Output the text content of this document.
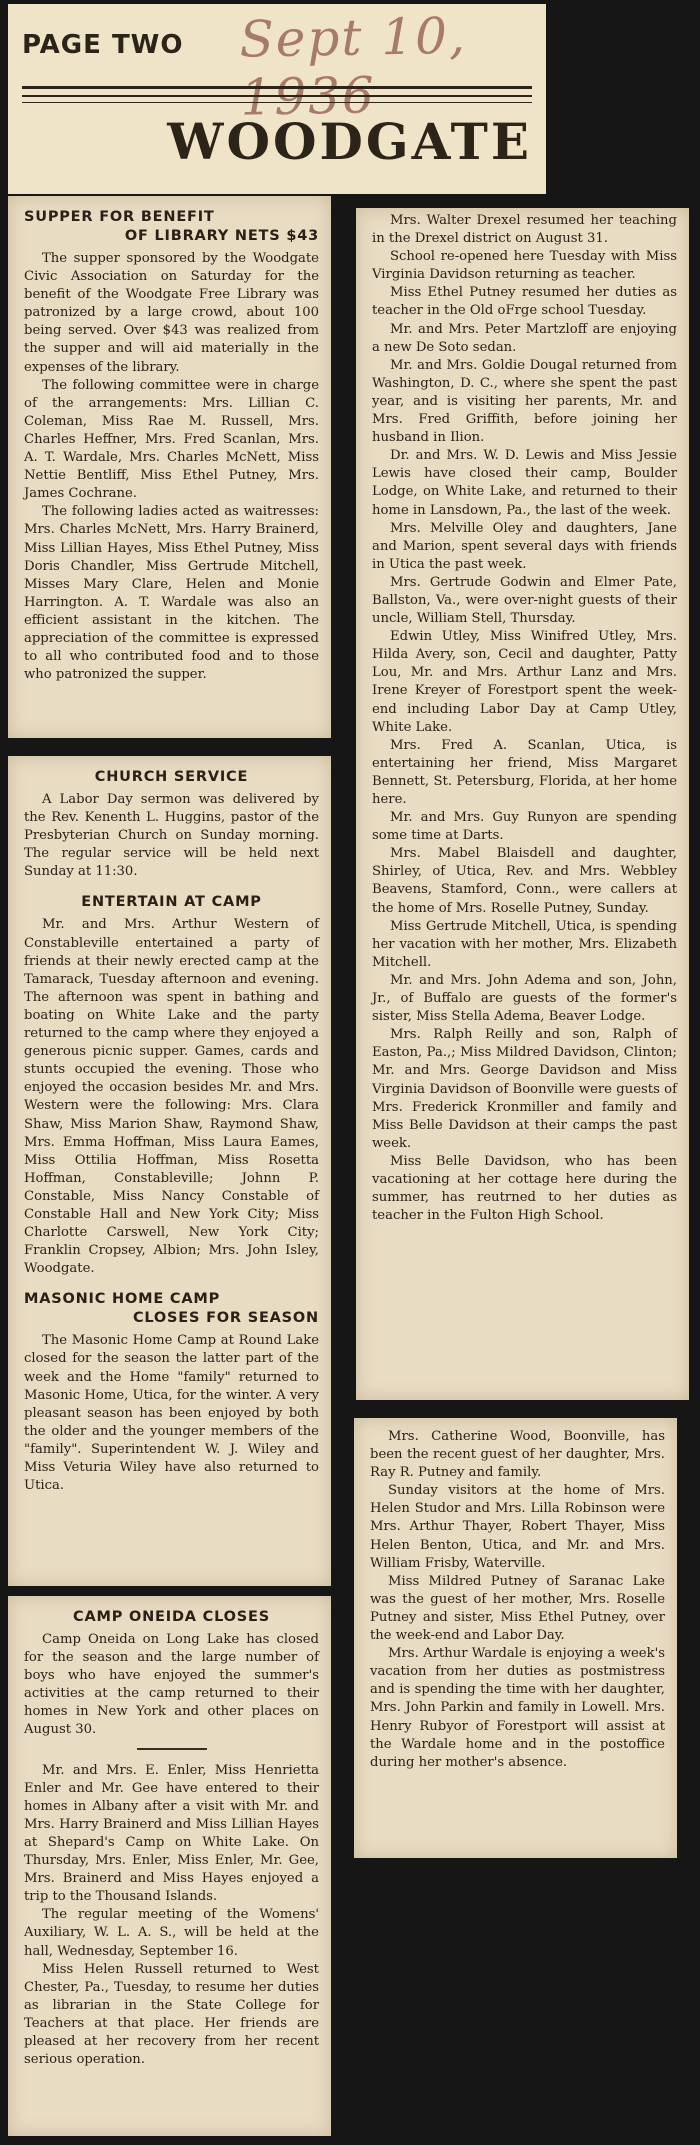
PAGE TWO Sept 10,
WOODGATE
SUPPER FOR BENEFIT
OF LIBRARY NETS $43

The supper sponsored by the Woodgate Civic Association on Saturday for the benefit of the Woodgate Free Library was patronized by a large crowd, about 100 being served. Over $43 was realized from the supper and will aid materially in the expenses of the library.

The following committee were in charge of the arrangements: Mrs. Lillian C. Coleman, Miss Rae M. Russell, Mrs. Charles Heffner, Mrs. Fred Scanlan, Mrs. A. T. Wardale, Mrs. Charles McNett, Miss Nettie Bentliff, Miss Ethel Putney, Mrs. James Cochrane.

The following ladies acted as waitresses: Mrs. Charles McNett, Mrs. Harry Brainerd, Miss Lillian Hayes, Miss Ethel Putney, Miss Doris Chandler, Miss Gertrude Mitchell, Misses Mary Clare, Helen and Monie Harrington. A. T. Wardale was also an efficient assistant in the kitchen. The appreciation of the committee is expressed to all who contributed food and to those who patronized the supper.

CHURCH SERVICE

A Labor Day sermon was delivered by the Rev. Kenenth L. Huggins, pastor of the Presbyterian Church on Sunday morning. The regular service will be held next Sunday at 11:30.

ENTERTAIN AT CAMP

Mr. and Mrs. Arthur Western of Constableville entertained a party of friends at their newly erected camp at the Tamarack, Tuesday afternoon and evening. The afternoon was spent in bathing and boating on White Lake and the party returned to the camp where they enjoyed a generous picnic supper. Games, cards and stunts occupied the evening. Those who enjoyed the occasion besides Mr. and Mrs. Western were the following: Mrs. Clara Shaw, Miss Marion Shaw, Raymond Shaw, Mrs. Emma Hoffman, Miss Laura Eames, Miss Ottilia Hoffman, Miss Rosetta Hoffman, Constableville; Johnn P. Constable, Miss Nancy Constable of Constable Hall and New York City; Miss Charlotte Carswell, New York City; Franklin Cropsey, Albion; Mrs. John Isley, Woodgate.

MASONIC HOME CAMP
CLOSES FOR SEASON

The Masonic Home Camp at Round Lake closed for the season the latter part of the week and the Home "family" returned to Masonic Home, Utica, for the winter. A very pleasant season has been enjoyed by both the older and the younger members of the "family". Superintendent W. J. Wiley and Miss Veturia Wiley have also returned to Utica.

CAMP ONEIDA CLOSES

Camp Oneida on Long Lake has closed for the season and the large number of boys who have enjoyed the summer's activities at the camp returned to their homes in New York and other places on August 30.

Mr. and Mrs. E. Enler, Miss Henrietta Enler and Mr. Gee have entered to their homes in Albany after a visit with Mr. and Mrs. Harry Brainerd and Miss Lillian Hayes at Shepard's Camp on White Lake. On Thursday, Mrs. Enler, Miss Enler, Mr. Gee, Mrs. Brainerd and Miss Hayes enjoyed a trip to the Thousand Islands.

The regular meeting of the Womens' Auxiliary, W. L. A. S., will be held at the hall, Wednesday, September 16.

Miss Helen Russell returned to West Chester, Pa., Tuesday, to resume her duties as librarian in the State College for Teachers at that place. Her friends are pleased at her recovery from her recent serious operation.

Mrs. Walter Drexel resumed her teaching in the Drexel district on August 31.

School re-opened here Tuesday with Miss Virginia Davidson returning as teacher.

Miss Ethel Putney resumed her duties as teacher in the Old oFrge school Tuesday.

Mr. and Mrs. Peter Martzloff are enjoying a new De Soto sedan.

Mr. and Mrs. Goldie Dougal returned from Washington, D. C., where she spent the past year, and is visiting her parents, Mr. and Mrs. Fred Griffith, before joining her husband in Ilion.

Dr. and Mrs. W. D. Lewis and Miss Jessie Lewis have closed their camp, Boulder Lodge, on White Lake, and returned to their home in Lansdown, Pa., the last of the week.

Mrs. Melville Oley and daughters, Jane and Marion, spent several days with friends in Utica the past week.

Mrs. Gertrude Godwin and Elmer Pate, Ballston, Va., were over-night guests of their uncle, William Stell, Thursday.

Edwin Utley, Miss Winifred Utley, Mrs. Hilda Avery, son, Cecil and daughter, Patty Lou, Mr. and Mrs. Arthur Lanz and Mrs. Irene Kreyer of Forestport spent the week-end including Labor Day at Camp Utley, White Lake.

Mrs. Fred A. Scanlan, Utica, is entertaining her friend, Miss Margaret Bennett, St. Petersburg, Florida, at her home here.

Mr. and Mrs. Guy Runyon are spending some time at Darts.

Mrs. Mabel Blaisdell and daughter, Shirley, of Utica, Rev. and Mrs. Webbley Beavens, Stamford, Conn., were callers at the home of Mrs. Roselle Putney, Sunday.

Miss Gertrude Mitchell, Utica, is spending her vacation with her mother, Mrs. Elizabeth Mitchell.

Mr. and Mrs. John Adema and son, John, Jr., of Buffalo are guests of the former's sister, Miss Stella Adema, Beaver Lodge.

Mrs. Ralph Reilly and son, Ralph of Easton, Pa.,; Miss Mildred Davidson, Clinton; Mr. and Mrs. George Davidson and Miss Virginia Davidson of Boonville were guests of Mrs. Frederick Kronmiller and family and Miss Belle Davidson at their camps the past week.

Miss Belle Davidson, who has been vacationing at her cottage here during the summer, has reutrned to her duties as teacher in the Fulton High School.

Mrs. Catherine Wood, Boonville, has been the recent guest of her daughter, Mrs. Ray R. Putney and family.

Sunday visitors at the home of Mrs. Helen Studor and Mrs. Lilla Robinson were Mrs. Arthur Thayer, Robert Thayer, Miss Helen Benton, Utica, and Mr. and Mrs. William Frisby, Waterville.

Miss Mildred Putney of Saranac Lake was the guest of her mother, Mrs. Roselle Putney and sister, Miss Ethel Putney, over the week-end and Labor Day.

Mrs. Arthur Wardale is enjoying a week's vacation from her duties as postmistress and is spending the time with her daughter, Mrs. John Parkin and family in Lowell. Mrs. Henry Rubyor of Forestport will assist at the Wardale home and in the postoffice during her mother's absence.
